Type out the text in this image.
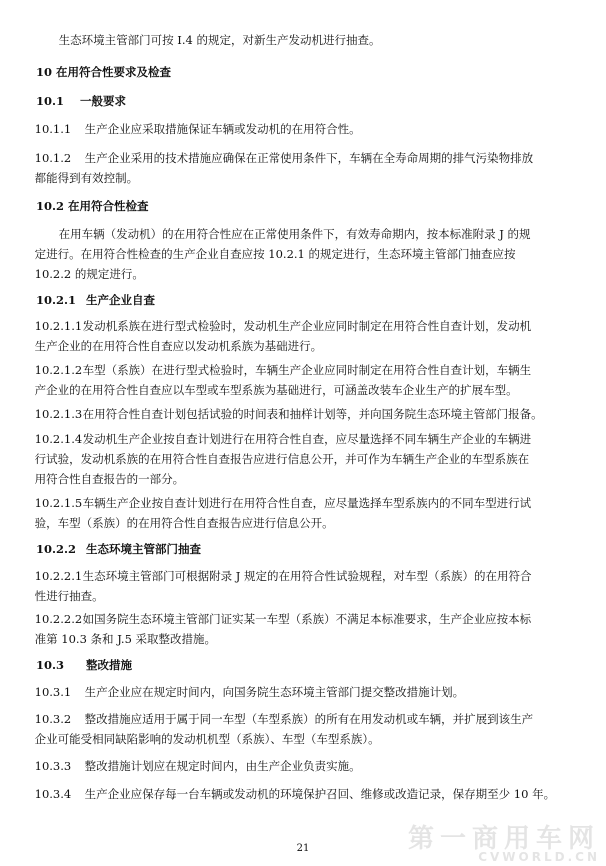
生态环境主管部门可按 I.4 的规定，对新生产发动机进行抽查。

10 在用符合性要求及检查

10.1 一般要求

10.1.1 生产企业应采取措施保证车辆或发动机的在用符合性。

10.1.2 生产企业采用的技术措施应确保在正常使用条件下，车辆在全寿命周期的排气污染物排放

都能得到有效控制。

10.2 在用符合性检查

在用车辆（发动机）的在用符合性应在正常使用条件下，有效寿命期内，按本标准附录 J 的规

定进行。在用符合性检查的生产企业自查应按 10.2.1 的规定进行，生态环境主管部门抽查应按

10.2.2 的规定进行。

10.2.1 生产企业自查

10.2.1.1发动机系族在进行型式检验时，发动机生产企业应同时制定在用符合性自查计划，发动机

生产企业的在用符合性自查应以发动机系族为基础进行。

10.2.1.2车型（系族）在进行型式检验时，车辆生产企业应同时制定在用符合性自查计划，车辆生

产企业的在用符合性自查应以车型或车型系族为基础进行，可涵盖改装车企业生产的扩展车型。

10.2.1.3在用符合性自查计划包括试验的时间表和抽样计划等，并向国务院生态环境主管部门报备。

10.2.1.4发动机生产企业按自查计划进行在用符合性自查，应尽量选择不同车辆生产企业的车辆进

行试验，发动机系族的在用符合性自查报告应进行信息公开，并可作为车辆生产企业的车型系族在

用符合性自查报告的一部分。

10.2.1.5车辆生产企业按自查计划进行在用符合性自查，应尽量选择车型系族内的不同车型进行试

验，车型（系族）的在用符合性自查报告应进行信息公开。

10.2.2 生态环境主管部门抽查

10.2.2.1生态环境主管部门可根据附录 J 规定的在用符合性试验规程，对车型（系族）的在用符合

性进行抽查。

10.2.2.2如国务院生态环境主管部门证实某一车型（系族）不满足本标准要求，生产企业应按本标

准第 10.3 条和 J.5 采取整改措施。

10.3 整改措施

10.3.1 生产企业应在规定时间内，向国务院生态环境主管部门提交整改措施计划。

10.3.2 整改措施应适用于属于同一车型（车型系族）的所有在用发动机或车辆，并扩展到该生产

企业可能受相同缺陷影响的发动机机型（系族）、车型（车型系族）。

10.3.3 整改措施计划应在规定时间内，由生产企业负责实施。

10.3.4 生产企业应保存每一台车辆或发动机的环境保护召回、维修或改造记录，保存期至少 10 年。

第一商用车网
CVWORLD.CN
21
